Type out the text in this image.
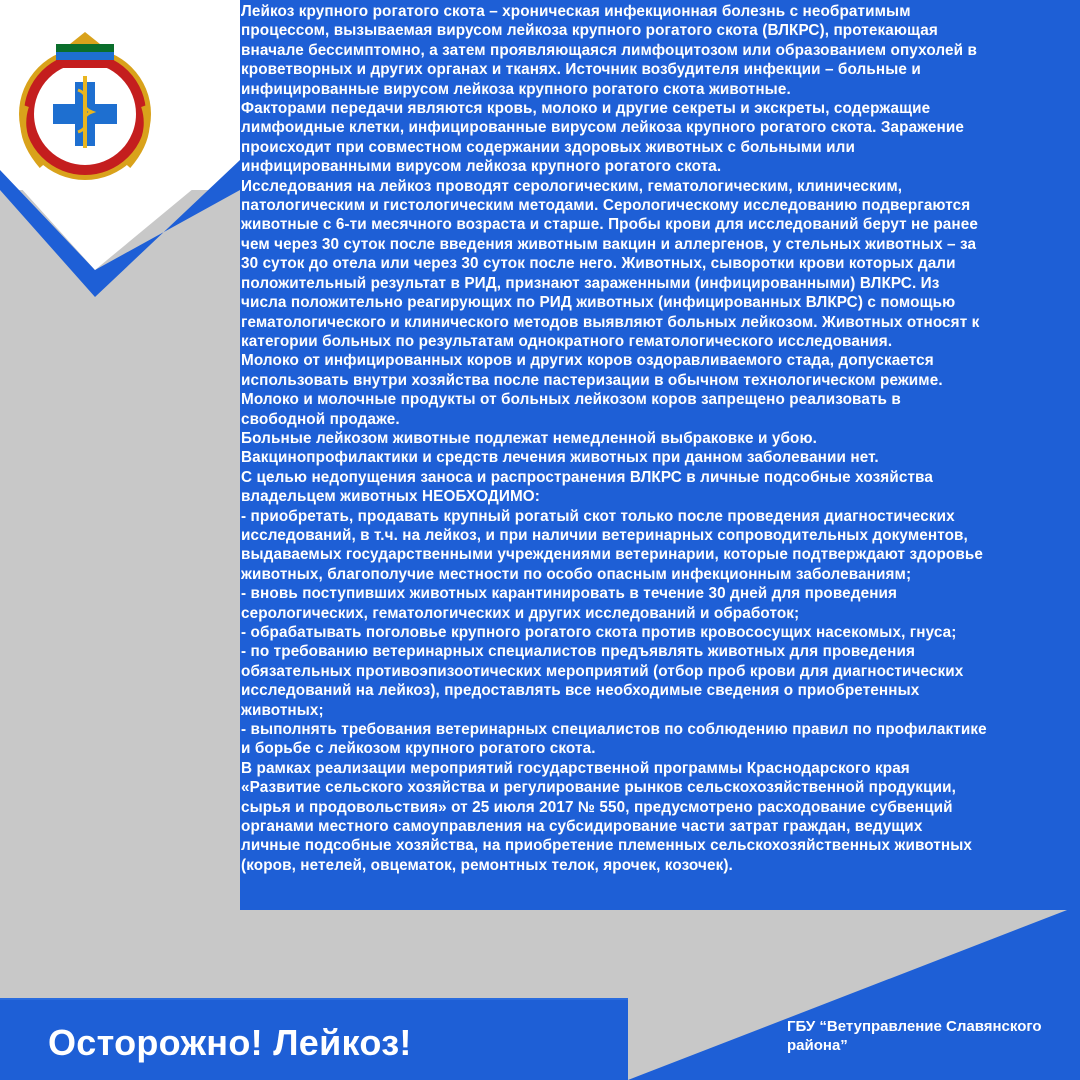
Лейкоз крупного рогатого скота – хроническая инфекционная болезнь с необратимым
процессом, вызываемая вирусом лейкоза крупного рогатого скота (ВЛКРС), протекающая
вначале бессимптомно, а затем проявляющаяся лимфоцитозом или образованием опухолей в
кроветворных и других органах и тканях. Источник возбудителя инфекции – больные и
инфицированные вирусом лейкоза крупного рогатого скота животные.
Факторами передачи являются кровь, молоко и другие секреты и экскреты, содержащие
лимфоидные клетки, инфицированные вирусом лейкоза крупного рогатого скота. Заражение
происходит при совместном содержании здоровых животных с больными или
инфицированными вирусом лейкоза крупного рогатого скота.
Исследования на лейкоз проводят серологическим, гематологическим, клиническим,
патологическим и гистологическим методами. Серологическому исследованию подвергаются
животные с 6-ти месячного возраста и старше. Пробы крови для исследований берут не ранее
чем через 30 суток после введения животным вакцин и аллергенов, у стельных животных – за
30 суток до отела или через 30 суток после него. Животных, сыворотки крови которых дали
положительный результат в РИД, признают зараженными (инфицированными) ВЛКРС. Из
числа положительно реагирующих по РИД животных (инфицированных ВЛКРС) с помощью
гематологического и клинического методов выявляют больных лейкозом. Животных относят к
категории больных по результатам однократного гематологического исследования.
Молоко от инфицированных коров и других коров оздоравливаемого стада, допускается
использовать внутри хозяйства после пастеризации в обычном технологическом режиме.
Молоко и молочные продукты от больных лейкозом коров запрещено реализовать в
свободной продаже.
Больные лейкозом животные подлежат немедленной выбраковке и убою.
Вакцинопрофилактики и средств лечения животных при данном заболевании нет.
С целью недопущения заноса и распространения ВЛКРС в личные подсобные хозяйства
владельцем животных НЕОБХОДИМО:
- приобретать, продавать крупный рогатый скот только после проведения диагностических
исследований, в т.ч. на лейкоз, и при наличии ветеринарных сопроводительных документов,
выдаваемых государственными учреждениями ветеринарии, которые подтверждают здоровье
животных, благополучие местности по особо опасным инфекционным заболеваниям;
- вновь поступивших животных карантинировать в течение 30 дней для проведения
серологических, гематологических и других исследований и обработок;
- обрабатывать поголовье крупного рогатого скота против кровососущих насекомых, гнуса;
- по требованию ветеринарных специалистов предъявлять животных для проведения
обязательных противоэпизоотических мероприятий (отбор проб крови для диагностических
исследований на лейкоз), предоставлять все необходимые сведения о приобретенных
животных;
- выполнять требования ветеринарных специалистов по соблюдению правил по профилактике
и борьбе с лейкозом крупного рогатого скота.
В рамках реализации мероприятий государственной программы Краснодарского края
«Развитие сельского хозяйства и регулирование рынков сельскохозяйственной продукции,
сырья и продовольствия» от 25 июля 2017 № 550, предусмотрено расходование субвенций
органами местного самоуправления на субсидирование части затрат граждан, ведущих
личные подсобные хозяйства, на приобретение племенных сельскохозяйственных животных
(коров, нетелей, овцематок, ремонтных телок, ярочек, козочек).
Осторожно! Лейкоз!	ГБУ “Ветуправление Славянского района”
